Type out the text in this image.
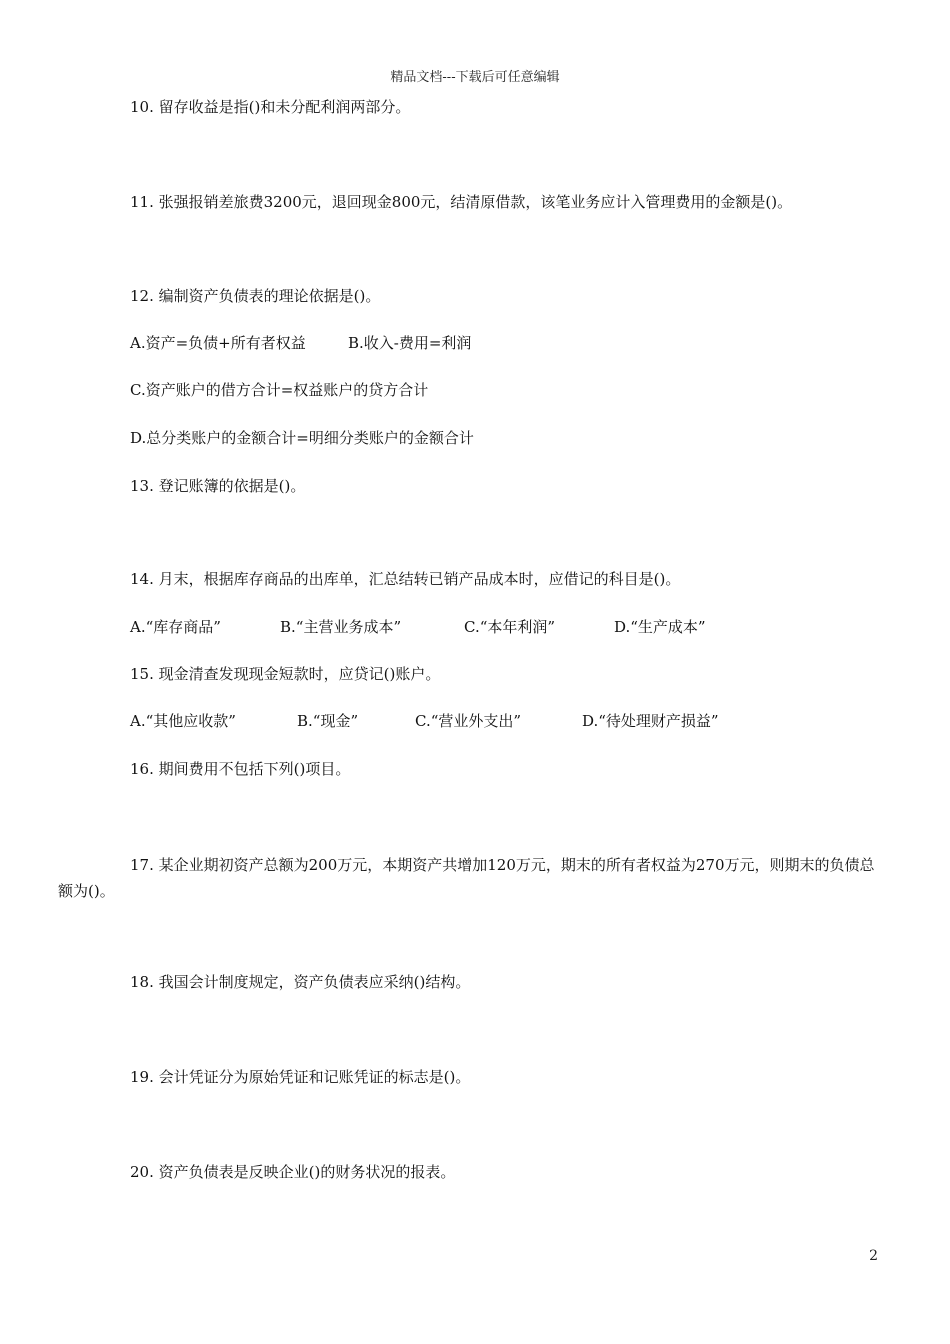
精品文档---下载后可任意编辑
10. 留存收益是指()和未分配利润两部分。
11. 张强报销差旅费3200元，退回现金800元，结清原借款，该笔业务应计入管理费用的金额是()。
12. 编制资产负债表的理论依据是()。
A.资产=负债+所有者权益	B.收入-费用=利润
C.资产账户的借方合计=权益账户的贷方合计
D.总分类账户的金额合计=明细分类账户的金额合计
13. 登记账簿的依据是()。
14. 月末，根据库存商品的出库单，汇总结转已销产品成本时，应借记的科目是()。
A.“库存商品”	B.“主营业务成本”	C.“本年利润”	D.“生产成本”
15. 现金清查发现现金短款时，应贷记()账户。
A.“其他应收款”	B.“现金”	C.“营业外支出”	D.“待处理财产损益”
16. 期间费用不包括下列()项目。
17. 某企业期初资产总额为200万元，本期资产共增加120万元，期末的所有者权益为270万元，则期末的负债总额为()。
18. 我国会计制度规定，资产负债表应采纳()结构。
19. 会计凭证分为原始凭证和记账凭证的标志是()。
20. 资产负债表是反映企业()的财务状况的报表。
2
